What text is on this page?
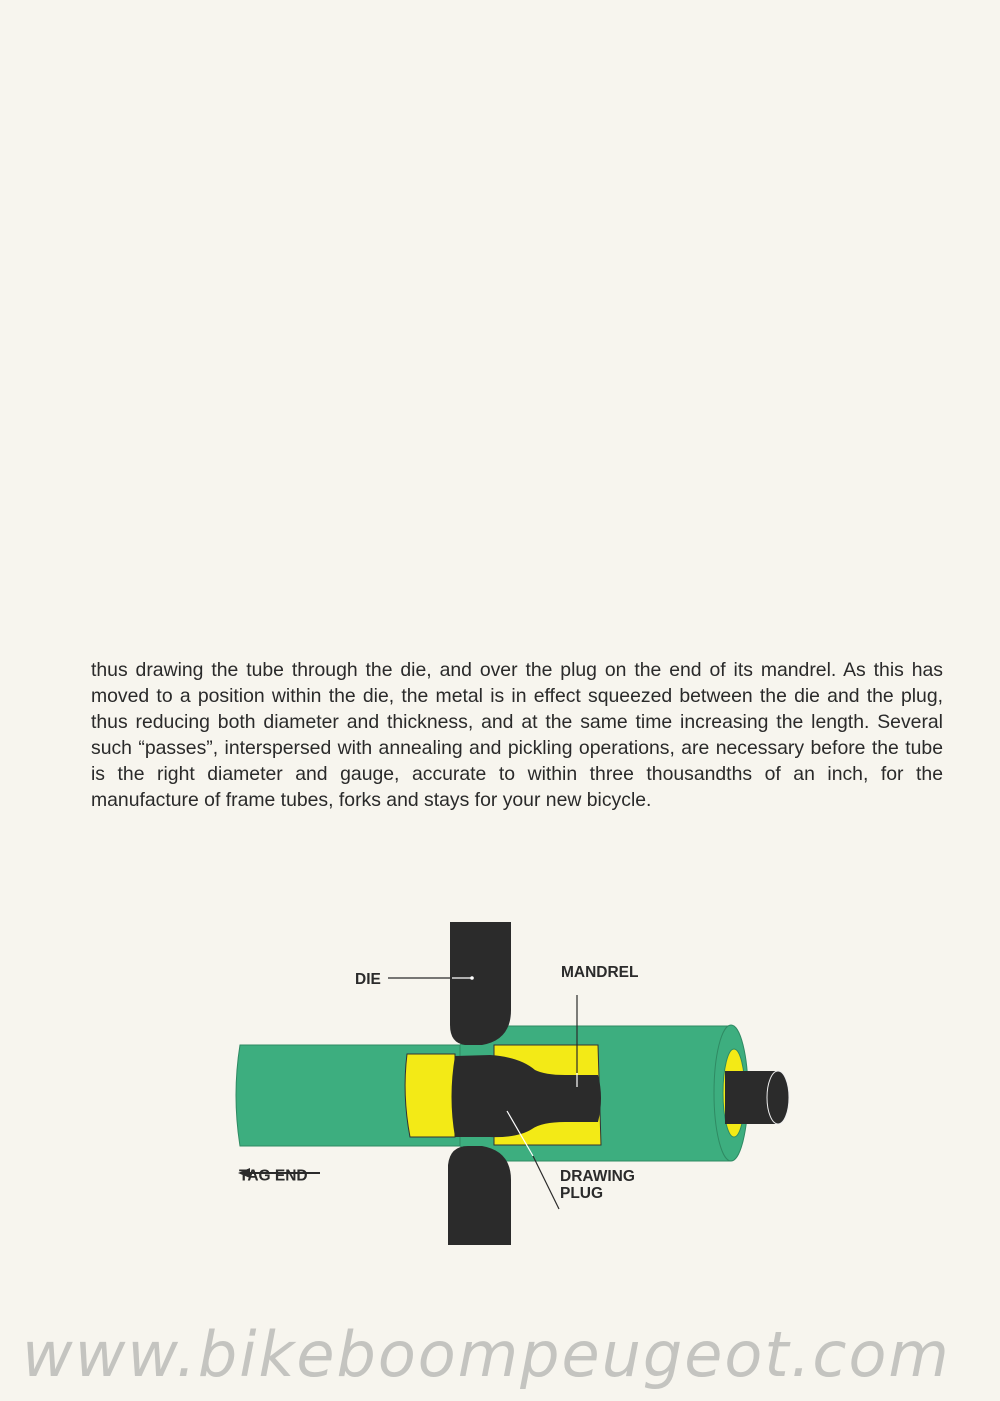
thus drawing the tube through the die, and over the plug on the end of its mandrel. As this has moved to a position within the die, the metal is in effect squeezed between the die and the plug, thus reducing both diameter and thickness, and at the same time increasing the length. Several such “passes”, interspersed with annealing and pickling operations, are necessary before the tube is the right diameter and gauge, accurate to within three thousandths of an inch, for the manufacture of frame tubes, forks and stays for your new bicycle.

DIE	MANDREL
TAG END	DRAWING
PLUG
www.bikeboompeugeot.com
